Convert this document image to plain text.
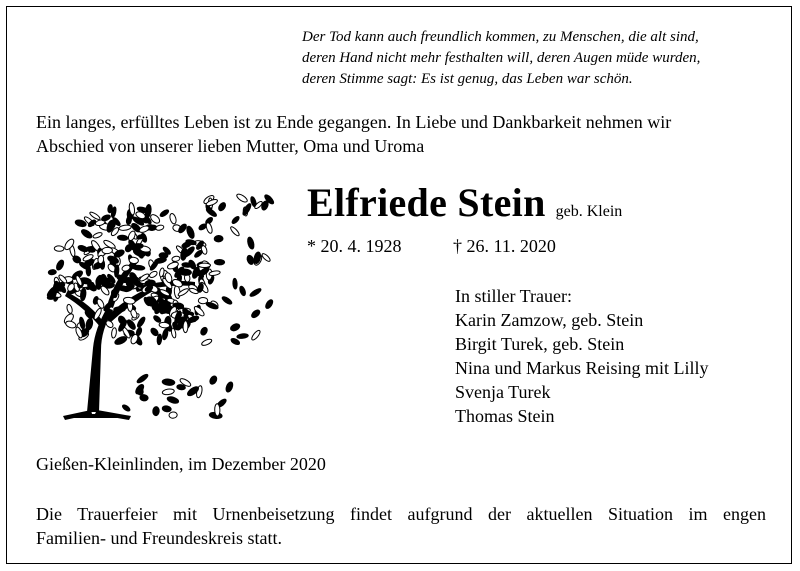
Der Tod kann auch freundlich kommen, zu Menschen, die alt sind,
deren Hand nicht mehr festhalten will, deren Augen müde wurden,
deren Stimme sagt: Es ist genug, das Leben war schön.
Ein langes, erfülltes Leben ist zu Ende gegangen. In Liebe und Dankbarkeit nehmen wir
Abschied von unserer lieben Mutter, Oma und Uroma
Elfriede Stein geb. Klein
* 20. 4. 1928	† 26. 11. 2020
In stiller Trauer:
Karin Zamzow, geb. Stein
Birgit Turek, geb. Stein
Nina und Markus Reising mit Lilly
Svenja Turek
Thomas Stein
Gießen-Kleinlinden, im Dezember 2020
Die Trauerfeier mit Urnenbeisetzung findet aufgrund der aktuellen Situation im engen
Familien- und Freundeskreis statt.
